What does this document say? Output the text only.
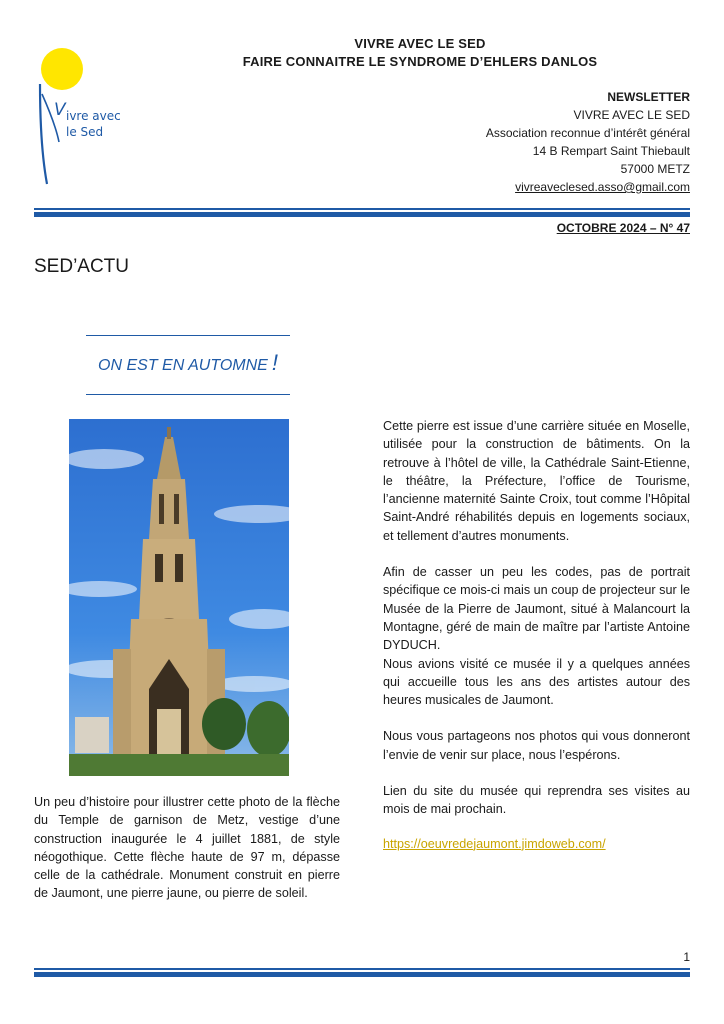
VIVRE AVEC LE SED
FAIRE CONNAITRE LE SYNDROME D’EHLERS DANLOS
V ivre avec
le Sed
NEWSLETTER
VIVRE AVEC LE SED
Association reconnue d’intérêt général
14 B Rempart Saint Thiebault
57000 METZ
vivreaveclesed.asso@gmail.com
OCTOBRE 2024 – N° 47
SED’ACTU
ON EST EN AUTOMNE !
Un peu d’histoire pour illustrer cette photo de la flèche du Temple de garnison de Metz, vestige d’une construction inaugurée le 4 juillet 1881, de style néogothique. Cette flèche haute de 97 m, dépasse celle de la cathédrale. Monument construit en pierre de Jaumont, une pierre jaune, ou pierre de soleil.
Cette pierre est issue d’une carrière située en Moselle, utilisée pour la construction de bâtiments. On la retrouve à l’hôtel de ville, la Cathédrale Saint-Etienne, le théâtre, la Préfecture, l’office de Tourisme, l’ancienne maternité Sainte Croix, tout comme l’Hôpital Saint-André réhabilités depuis en logements sociaux, et tellement d’autres monuments.
Afin de casser un peu les codes, pas de portrait spécifique ce mois-ci mais un coup de projecteur sur le Musée de la Pierre de Jaumont, situé à Malancourt la Montagne, géré de main de maître par l’artiste Antoine DYDUCH.
Nous avions visité ce musée il y a quelques années qui accueille tous les ans des artistes autour des heures musicales de Jaumont.
Nous vous partageons nos photos qui vous donneront l’envie de venir sur place, nous l’espérons.
Lien du site du musée qui reprendra ses visites au mois de mai prochain.
https://oeuvredejaumont.jimdoweb.com/
1
